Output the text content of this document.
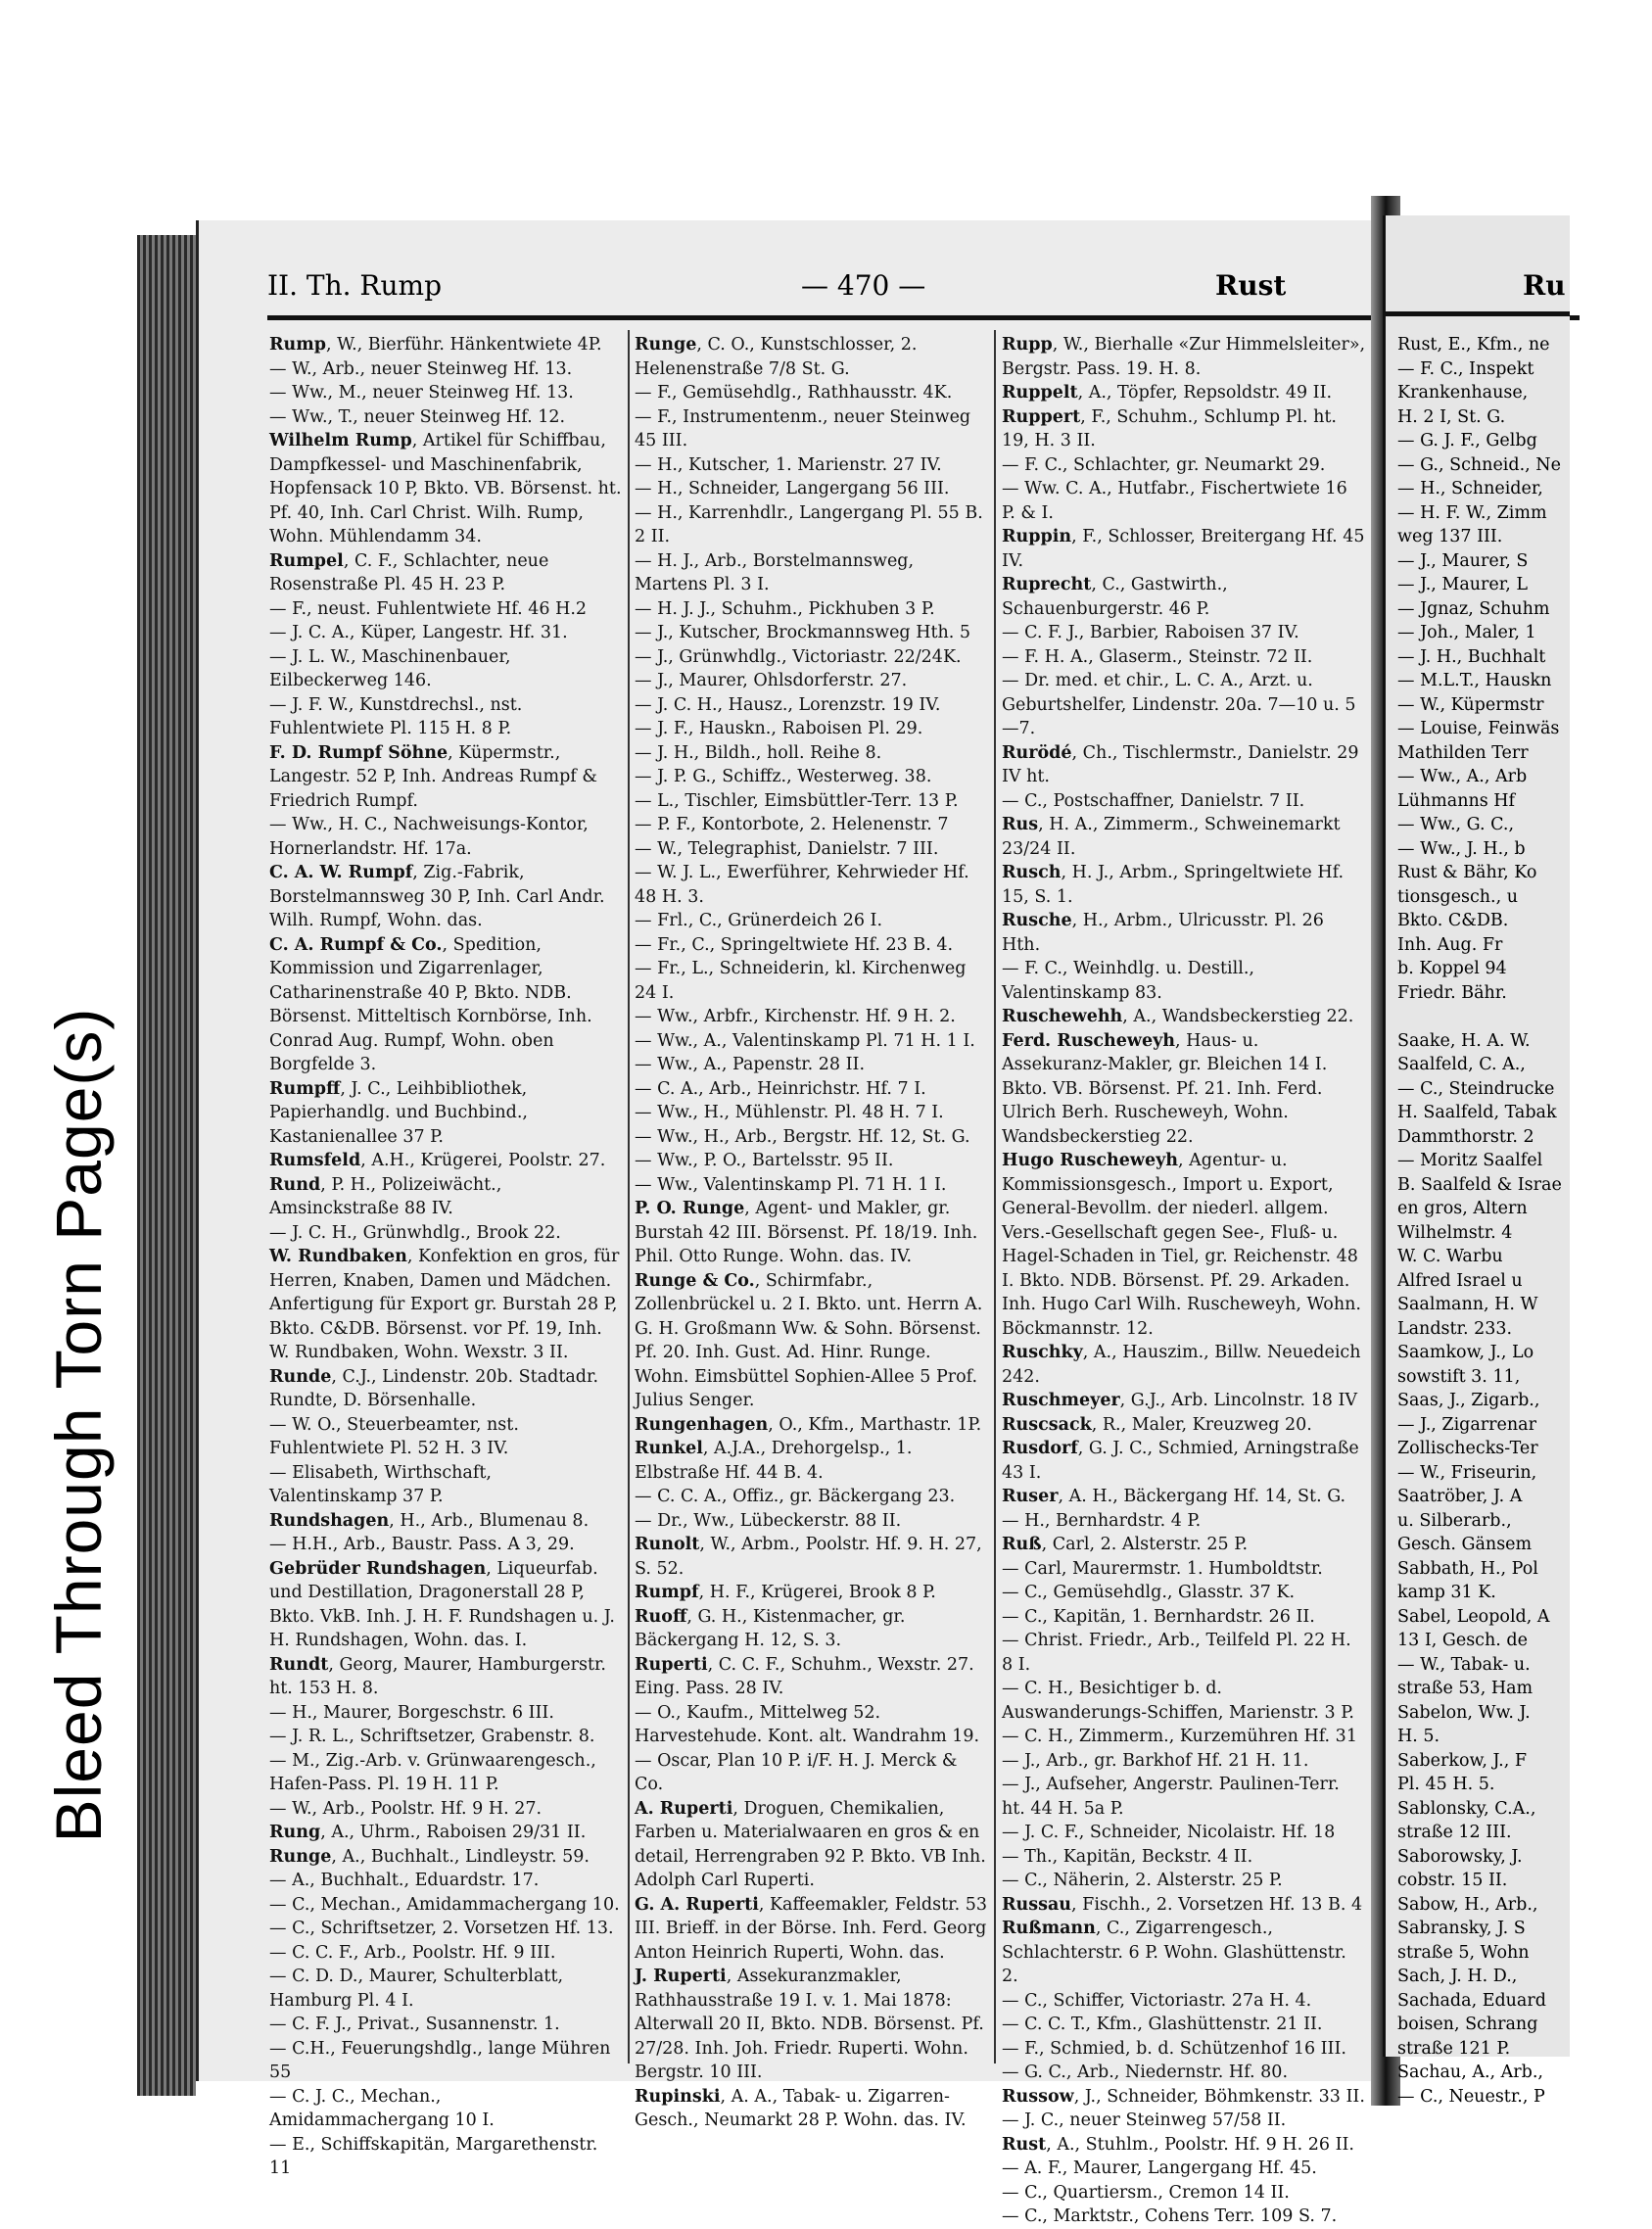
Bleed Through Torn Page(s)
II. Th. Rump	— 470 —	Rust

Rump, W., Bierführ. Hänkentwiete 4P.

— W., Arb., neuer Steinweg Hf. 13.

— Ww., M., neuer Steinweg Hf. 13.

— Ww., T., neuer Steinweg Hf. 12.

Wilhelm Rump, Artikel für Schiffbau, Dampfkessel- und Maschinenfabrik, Hopfensack 10 P, Bkto. VB. Börsenst. ht. Pf. 40, Inh. Carl Christ. Wilh. Rump, Wohn. Mühlendamm 34.

Rumpel, C. F., Schlachter, neue Rosenstraße Pl. 45 H. 23 P.

— F., neust. Fuhlentwiete Hf. 46 H.2

— J. C. A., Küper, Langestr. Hf. 31.

— J. L. W., Maschinenbauer, Eilbeckerweg 146.

— J. F. W., Kunstdrechsl., nst. Fuhlentwiete Pl. 115 H. 8 P.

F. D. Rumpf Söhne, Küpermstr., Langestr. 52 P, Inh. Andreas Rumpf & Friedrich Rumpf.

— Ww., H. C., Nachweisungs-Kontor, Hornerlandstr. Hf. 17a.

C. A. W. Rumpf, Zig.-Fabrik, Borstelmannsweg 30 P, Inh. Carl Andr. Wilh. Rumpf, Wohn. das.

C. A. Rumpf & Co., Spedition, Kommission und Zigarrenlager, Catharinenstraße 40 P, Bkto. NDB. Börsenst. Mitteltisch Kornbörse, Inh. Conrad Aug. Rumpf, Wohn. oben Borgfelde 3.

Rumpff, J. C., Leihbibliothek, Papierhandlg. und Buchbind., Kastanienallee 37 P.

Rumsfeld, A.H., Krügerei, Poolstr. 27.

Rund, P. H., Polizeiwächt., Amsinckstraße 88 IV.

— J. C. H., Grünwhdlg., Brook 22.

W. Rundbaken, Konfektion en gros, für Herren, Knaben, Damen und Mädchen. Anfertigung für Export gr. Burstah 28 P, Bkto. C&DB. Börsenst. vor Pf. 19, Inh. W. Rundbaken, Wohn. Wexstr. 3 II.

Runde, C.J., Lindenstr. 20b. Stadtadr. Rundte, D. Börsenhalle.

— W. O., Steuerbeamter, nst. Fuhlentwiete Pl. 52 H. 3 IV.

— Elisabeth, Wirthschaft, Valentinskamp 37 P.

Rundshagen, H., Arb., Blumenau 8.

— H.H., Arb., Baustr. Pass. A 3, 29.

Gebrüder Rundshagen, Liqueurfab. und Destillation, Dragonerstall 28 P, Bkto. VkB. Inh. J. H. F. Rundshagen u. J. H. Rundshagen, Wohn. das. I.

Rundt, Georg, Maurer, Hamburgerstr. ht. 153 H. 8.

— H., Maurer, Borgeschstr. 6 III.

— J. R. L., Schriftsetzer, Grabenstr. 8.

— M., Zig.-Arb. v. Grünwaarengesch., Hafen-Pass. Pl. 19 H. 11 P.

— W., Arb., Poolstr. Hf. 9 H. 27.

Rung, A., Uhrm., Raboisen 29/31 II.

Runge, A., Buchhalt., Lindleystr. 59.

— A., Buchhalt., Eduardstr. 17.

— C., Mechan., Amidammachergang 10.

— C., Schriftsetzer, 2. Vorsetzen Hf. 13.

— C. C. F., Arb., Poolstr. Hf. 9 III.

— C. D. D., Maurer, Schulterblatt, Hamburg Pl. 4 I.

— C. F. J., Privat., Susannenstr. 1.

— C.H., Feuerungshdlg., lange Mühren 55

— C. J. C., Mechan., Amidammachergang 10 I.

— E., Schiffskapitän, Margarethenstr. 11

Runge, C. O., Kunstschlosser, 2. Helenenstraße 7/8 St. G.

— F., Gemüsehdlg., Rathhausstr. 4K.

— F., Instrumentenm., neuer Steinweg 45 III.

— H., Kutscher, 1. Marienstr. 27 IV.

— H., Schneider, Langergang 56 III.

— H., Karrenhdlr., Langergang Pl. 55 B. 2 II.

— H. J., Arb., Borstelmannsweg, Martens Pl. 3 I.

— H. J. J., Schuhm., Pickhuben 3 P.

— J., Kutscher, Brockmannsweg Hth. 5

— J., Grünwhdlg., Victoriastr. 22/24K.

— J., Maurer, Ohlsdorferstr. 27.

— J. C. H., Hausz., Lorenzstr. 19 IV.

— J. F., Hauskn., Raboisen Pl. 29.

— J. H., Bildh., holl. Reihe 8.

— J. P. G., Schiffz., Westerweg. 38.

— L., Tischler, Eimsbüttler-Terr. 13 P.

— P. F., Kontorbote, 2. Helenenstr. 7

— W., Telegraphist, Danielstr. 7 III.

— W. J. L., Ewerführer, Kehrwieder Hf. 48 H. 3.

— Frl., C., Grünerdeich 26 I.

— Fr., C., Springeltwiete Hf. 23 B. 4.

— Fr., L., Schneiderin, kl. Kirchenweg 24 I.

— Ww., Arbfr., Kirchenstr. Hf. 9 H. 2.

— Ww., A., Valentinskamp Pl. 71 H. 1 I.

— Ww., A., Papenstr. 28 II.

— C. A., Arb., Heinrichstr. Hf. 7 I.

— Ww., H., Mühlenstr. Pl. 48 H. 7 I.

— Ww., H., Arb., Bergstr. Hf. 12, St. G.

— Ww., P. O., Bartelsstr. 95 II.

— Ww., Valentinskamp Pl. 71 H. 1 I.

P. O. Runge, Agent- und Makler, gr. Burstah 42 III. Börsenst. Pf. 18/19. Inh. Phil. Otto Runge. Wohn. das. IV.

Runge & Co., Schirmfabr., Zollenbrückel u. 2 I. Bkto. unt. Herrn A. G. H. Großmann Ww. & Sohn. Börsenst. Pf. 20. Inh. Gust. Ad. Hinr. Runge. Wohn. Eimsbüttel Sophien-Allee 5 Prof. Julius Senger.

Rungenhagen, O., Kfm., Marthastr. 1P.

Runkel, A.J.A., Drehorgelsp., 1. Elbstraße Hf. 44 B. 4.

— C. C. A., Offiz., gr. Bäckergang 23.

— Dr., Ww., Lübeckerstr. 88 II.

Runolt, W., Arbm., Poolstr. Hf. 9. H. 27, S. 52.

Rumpf, H. F., Krügerei, Brook 8 P.

Ruoff, G. H., Kistenmacher, gr. Bäckergang H. 12, S. 3.

Ruperti, C. C. F., Schuhm., Wexstr. 27. Eing. Pass. 28 IV.

— O., Kaufm., Mittelweg 52. Harvestehude. Kont. alt. Wandrahm 19.

— Oscar, Plan 10 P. i/F. H. J. Merck & Co.

A. Ruperti, Droguen, Chemikalien, Farben u. Materialwaaren en gros & en detail, Herrengraben 92 P. Bkto. VB Inh. Adolph Carl Ruperti.

G. A. Ruperti, Kaffeemakler, Feldstr. 53 III. Brieff. in der Börse. Inh. Ferd. Georg Anton Heinrich Ruperti, Wohn. das.

J. Ruperti, Assekuranzmakler, Rathhausstraße 19 I. v. 1. Mai 1878: Alterwall 20 II, Bkto. NDB. Börsenst. Pf. 27/28. Inh. Joh. Friedr. Ruperti. Wohn. Bergstr. 10 III.

Rupinski, A. A., Tabak- u. Zigarren-Gesch., Neumarkt 28 P. Wohn. das. IV.

Rupp, W., Bierhalle «Zur Himmelsleiter», Bergstr. Pass. 19. H. 8.

Ruppelt, A., Töpfer, Repsoldstr. 49 II.

Ruppert, F., Schuhm., Schlump Pl. ht. 19, H. 3 II.

— F. C., Schlachter, gr. Neumarkt 29.

— Ww. C. A., Hutfabr., Fischertwiete 16 P. & I.

Ruppin, F., Schlosser, Breitergang Hf. 45 IV.

Ruprecht, C., Gastwirth., Schauenburgerstr. 46 P.

— C. F. J., Barbier, Raboisen 37 IV.

— F. H. A., Glaserm., Steinstr. 72 II.

— Dr. med. et chir., L. C. A., Arzt. u. Geburtshelfer, Lindenstr. 20a. 7—10 u. 5—7.

Rurödé, Ch., Tischlermstr., Danielstr. 29 IV ht.

— C., Postschaffner, Danielstr. 7 II.

Rus, H. A., Zimmerm., Schweinemarkt 23/24 II.

Rusch, H. J., Arbm., Springeltwiete Hf. 15, S. 1.

Rusche, H., Arbm., Ulricusstr. Pl. 26 Hth.

— F. C., Weinhdlg. u. Destill., Valentinskamp 83.

Ruschewehh, A., Wandsbeckerstieg 22.

Ferd. Ruscheweyh, Haus- u. Assekuranz-Makler, gr. Bleichen 14 I. Bkto. VB. Börsenst. Pf. 21. Inh. Ferd. Ulrich Berh. Ruscheweyh, Wohn. Wandsbeckerstieg 22.

Hugo Ruscheweyh, Agentur- u. Kommissionsgesch., Import u. Export, General-Bevollm. der niederl. allgem. Vers.-Gesellschaft gegen See-, Fluß- u. Hagel-Schaden in Tiel, gr. Reichenstr. 48 I. Bkto. NDB. Börsenst. Pf. 29. Arkaden. Inh. Hugo Carl Wilh. Ruscheweyh, Wohn. Böckmannstr. 12.

Ruschky, A., Hauszim., Billw. Neuedeich 242.

Ruschmeyer, G.J., Arb. Lincolnstr. 18 IV

Ruscsack, R., Maler, Kreuzweg 20.

Rusdorf, G. J. C., Schmied, Arningstraße 43 I.

Ruser, A. H., Bäckergang Hf. 14, St. G.

— H., Bernhardstr. 4 P.

Ruß, Carl, 2. Alsterstr. 25 P.

— Carl, Maurermstr. 1. Humboldtstr.

— C., Gemüsehdlg., Glasstr. 37 K.

— C., Kapitän, 1. Bernhardstr. 26 II.

— Christ. Friedr., Arb., Teilfeld Pl. 22 H. 8 I.

— C. H., Besichtiger b. d. Auswanderungs-Schiffen, Marienstr. 3 P.

— C. H., Zimmerm., Kurzemühren Hf. 31

— J., Arb., gr. Barkhof Hf. 21 H. 11.

— J., Aufseher, Angerstr. Paulinen-Terr. ht. 44 H. 5a P.

— J. C. F., Schneider, Nicolaistr. Hf. 18

— Th., Kapitän, Beckstr. 4 II.

— C., Näherin, 2. Alsterstr. 25 P.

Russau, Fischh., 2. Vorsetzen Hf. 13 B. 4

Rußmann, C., Zigarrengesch., Schlachterstr. 6 P. Wohn. Glashüttenstr. 2.

— C., Schiffer, Victoriastr. 27a H. 4.

— C. C. T., Kfm., Glashüttenstr. 21 II.

— F., Schmied, b. d. Schützenhof 16 III.

— G. C., Arb., Niedernstr. Hf. 80.

Russow, J., Schneider, Böhmkenstr. 33 II.

— J. C., neuer Steinweg 57/58 II.

Rust, A., Stuhlm., Poolstr. Hf. 9 H. 26 II.

— A. F., Maurer, Langergang Hf. 45.

— C., Quartiersm., Cremon 14 II.

— C., Marktstr., Cohens Terr. 109 S. 7.

Ru

Rust, E., Kfm., ne

— F. C., Inspekt

Krankenhause,

H. 2 I, St. G.

— G. J. F., Gelbg

— G., Schneid., Ne

— H., Schneider,

— H. F. W., Zimm

weg 137 III.

— J., Maurer, S

— J., Maurer, L

— Jgnaz, Schuhm

— Joh., Maler, 1

— J. H., Buchhalt

— M.L.T., Hauskn

— W., Küpermstr

— Louise, Feinwäs

Mathilden Terr

— Ww., A., Arb

Lühmanns Hf

— Ww., G. C.,

— Ww., J. H., b

Rust & Bähr, Ko

tionsgesch., u

Bkto. C&DB.

Inh. Aug. Fr

b. Koppel 94

Friedr. Bähr.

Saake, H. A. W.

Saalfeld, C. A.,

— C., Steindrucke

H. Saalfeld, Tabak

Dammthorstr. 2

— Moritz Saalfel

B. Saalfeld & Israe

en gros, Altern

Wilhelmstr. 4

W. C. Warbu

Alfred Israel u

Saalmann, H. W

Landstr. 233.

Saamkow, J., Lo

sowstift 3. 11,

Saas, J., Zigarb.,

— J., Zigarrenar

Zollischecks-Ter

— W., Friseurin,

Saatröber, J. A

u. Silberarb.,

Gesch. Gänsem

Sabbath, H., Pol

kamp 31 K.

Sabel, Leopold, A

13 I, Gesch. de

— W., Tabak- u.

straße 53, Ham

Sabelon, Ww. J.

H. 5.

Saberkow, J., F

Pl. 45 H. 5.

Sablonsky, C.A.,

straße 12 III.

Saborowsky, J.

cobstr. 15 II.

Sabow, H., Arb.,

Sabransky, J. S

straße 5, Wohn

Sach, J. H. D.,

Sachada, Eduard

boisen, Schrang

straße 121 P.

Sachau, A., Arb.,

— C., Neuestr., P
